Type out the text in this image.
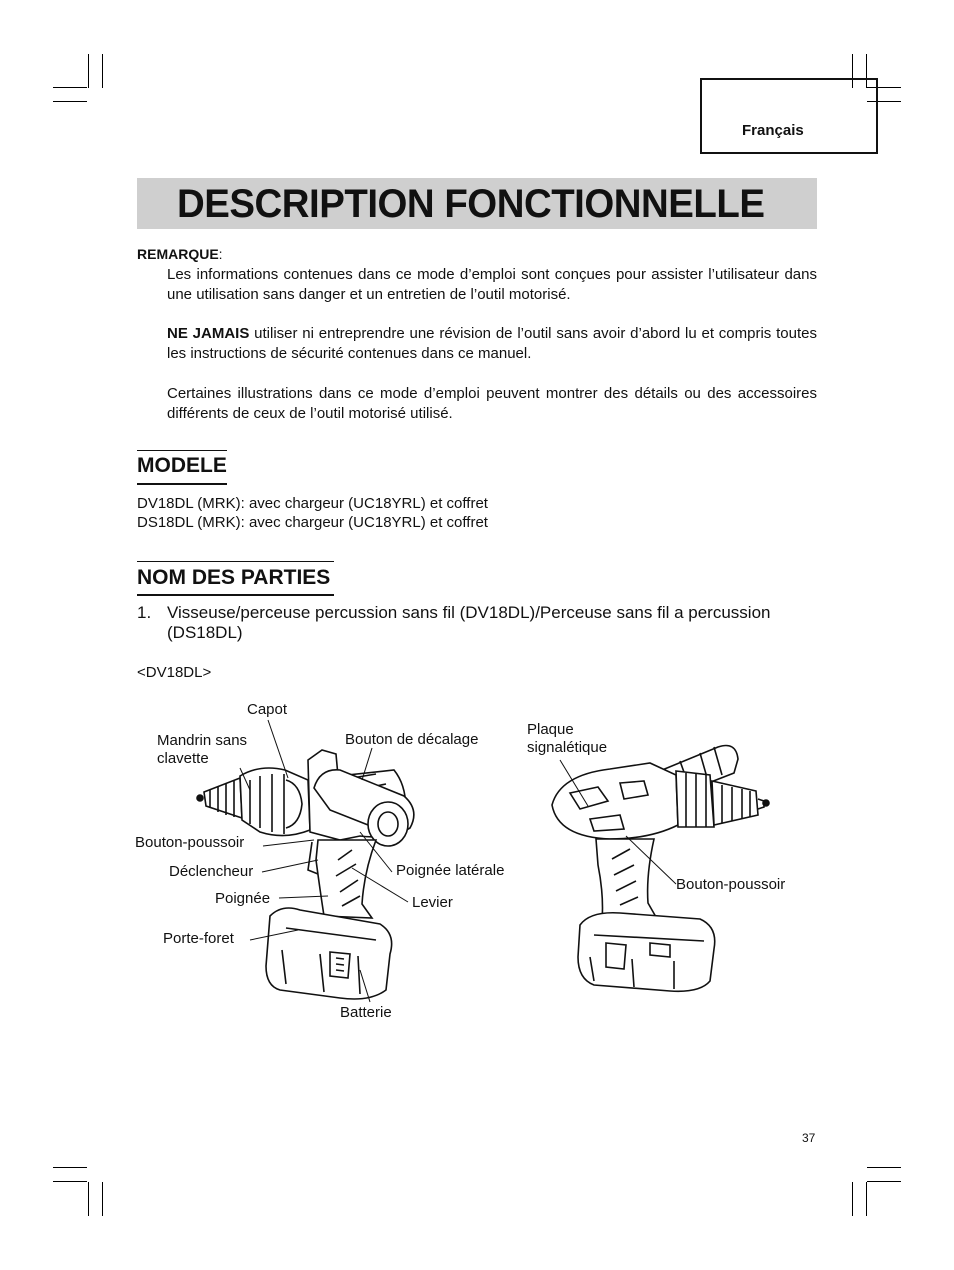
Français
DESCRIPTION FONCTIONNELLE
REMARQUE:
Les informations contenues dans ce mode d’emploi sont conçues pour assister l’utilisateur dans une utilisation sans danger et un entretien de l’outil motorisé.
NE JAMAIS utiliser ni entreprendre une révision de l’outil sans avoir d’abord lu et compris toutes les instructions de sécurité contenues dans ce manuel.
Certaines illustrations dans ce mode d’emploi peuvent montrer des détails ou des accessoires différents de ceux de l’outil motorisé utilisé.
MODELE
DV18DL (MRK): avec chargeur (UC18YRL) et coffret
DS18DL (MRK): avec chargeur (UC18YRL) et coffret
NOM DES PARTIES
1. Visseuse/perceuse percussion sans fil (DV18DL)/Perceuse sans fil a percussion
(DS18DL)
<DV18DL>
Capot
Mandrin sans
clavette
Bouton de décalage
Plaque
signalétique
Bouton-poussoir
Déclencheur	Poignée latérale
Poignée	Levier
Porte-foret
Batterie
Bouton-poussoir
37
